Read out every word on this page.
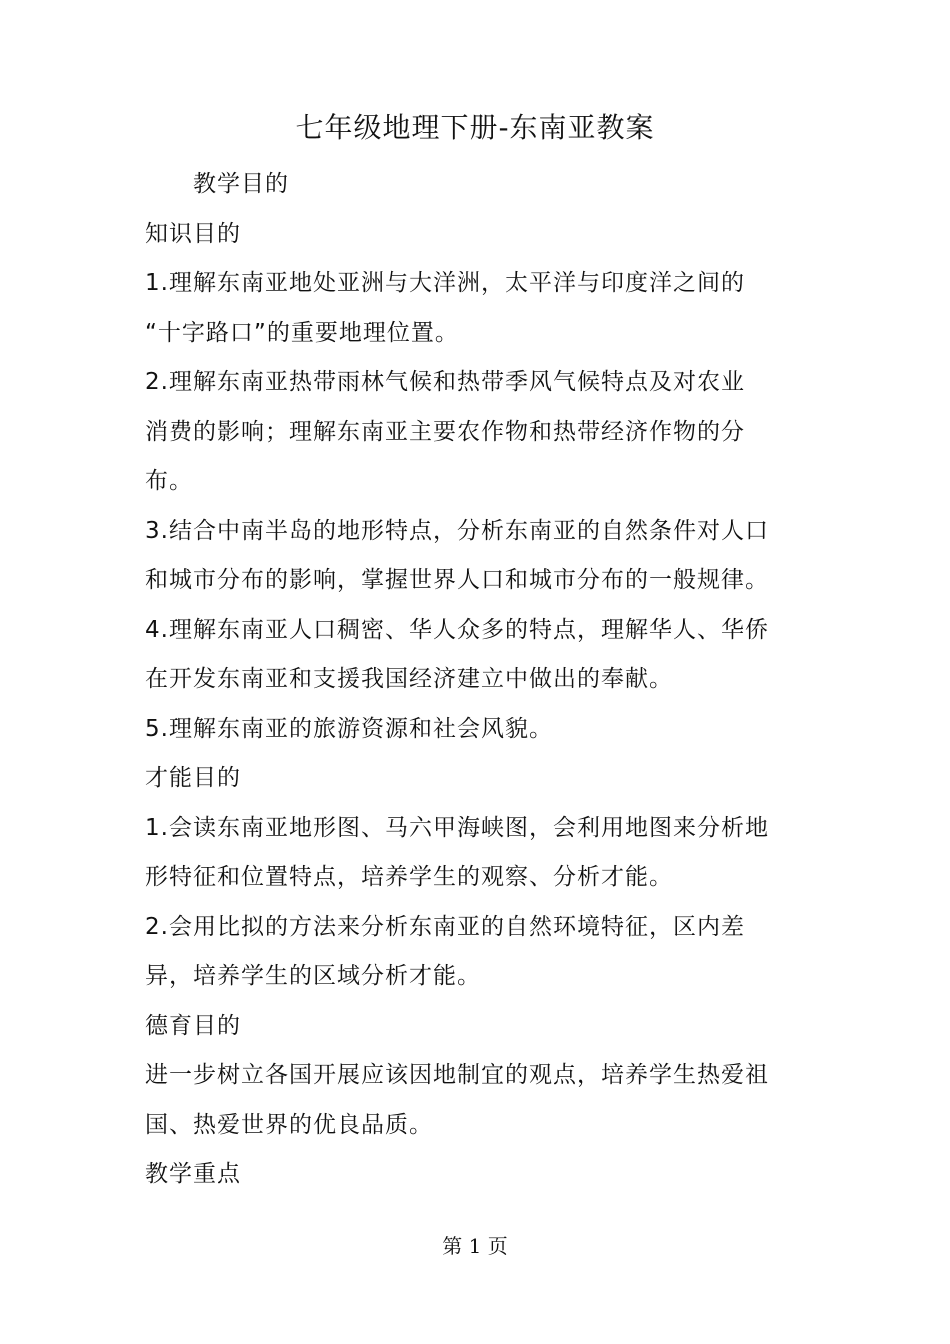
七年级地理下册-东南亚教案
教学目的
知识目的
1.理解东南亚地处亚洲与大洋洲，太平洋与印度洋之间的
“十字路口”的重要地理位置。
2.理解东南亚热带雨林气候和热带季风气候特点及对农业
消费的影响；理解东南亚主要农作物和热带经济作物的分
布。
3.结合中南半岛的地形特点，分析东南亚的自然条件对人口
和城市分布的影响，掌握世界人口和城市分布的一般规律。
4.理解东南亚人口稠密、华人众多的特点，理解华人、华侨
在开发东南亚和支援我国经济建立中做出的奉献。
5.理解东南亚的旅游资源和社会风貌。
才能目的
1.会读东南亚地形图、马六甲海峡图，会利用地图来分析地
形特征和位置特点，培养学生的观察、分析才能。
2.会用比拟的方法来分析东南亚的自然环境特征，区内差
异，培养学生的区域分析才能。
德育目的
进一步树立各国开展应该因地制宜的观点，培养学生热爱祖
国、热爱世界的优良品质。
教学重点
第 1 页
